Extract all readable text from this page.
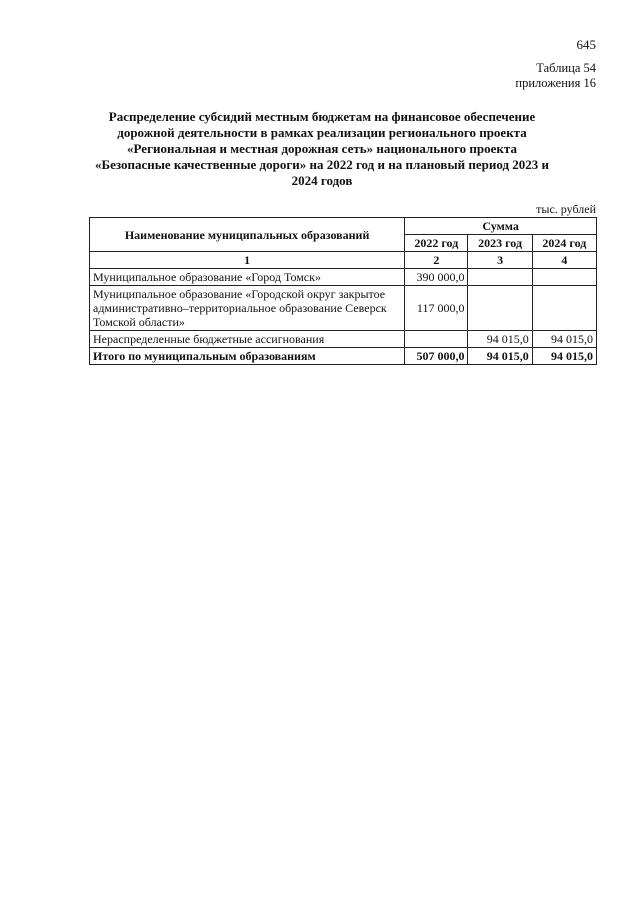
645
Таблица 54
приложения 16
Распределение субсидий местным бюджетам на финансовое обеспечение дорожной деятельности в рамках реализации регионального проекта «Региональная и местная дорожная сеть» национального проекта «Безопасные качественные дороги» на 2022 год и на плановый период 2023 и 2024 годов
тыс. рублей
Наименование муниципальных образований	Сумма		
	2022 год	2023 год	2024 год
1	2	3	4
Муниципальное образование «Город Томск»	390 000,0		
Муниципальное образование «Городской округ закрытое административно–территориальное образование Северск Томской области»	117 000,0		
Нераспределенные бюджетные ассигнования		94 015,0	94 015,0
Итого по муниципальным образованиям	507 000,0	94 015,0	94 015,0
